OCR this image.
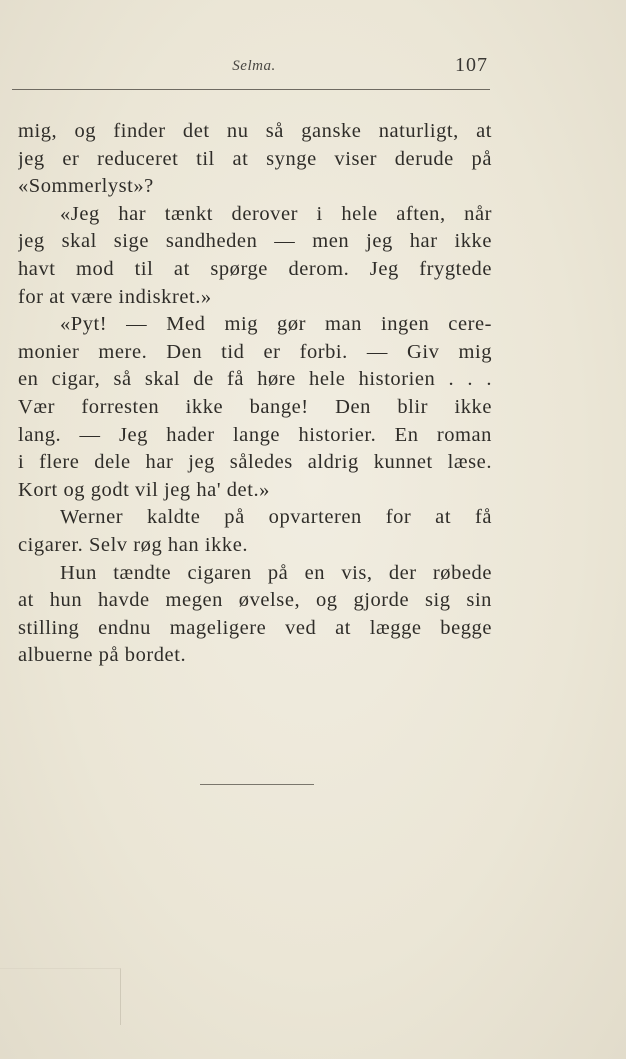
Selma.	107
mig, og finder det nu så ganske naturligt, at
jeg er reduceret til at synge viser derude på
«Sommerlyst»?
«Jeg har tænkt derover i hele aften, når
jeg skal sige sandheden — men jeg har ikke
havt mod til at spørge derom. Jeg frygtede
for at være indiskret.»
«Pyt! — Med mig gør man ingen cere-
monier mere. Den tid er forbi. — Giv mig
en cigar, så skal de få høre hele historien . . .
Vær forresten ikke bange! Den blir ikke
lang. — Jeg hader lange historier. En roman
i flere dele har jeg således aldrig kunnet læse.
Kort og godt vil jeg ha' det.»
Werner kaldte på opvarteren for at få
cigarer. Selv røg han ikke.
Hun tændte cigaren på en vis, der røbede
at hun havde megen øvelse, og gjorde sig sin
stilling endnu mageligere ved at lægge begge
albuerne på bordet.
